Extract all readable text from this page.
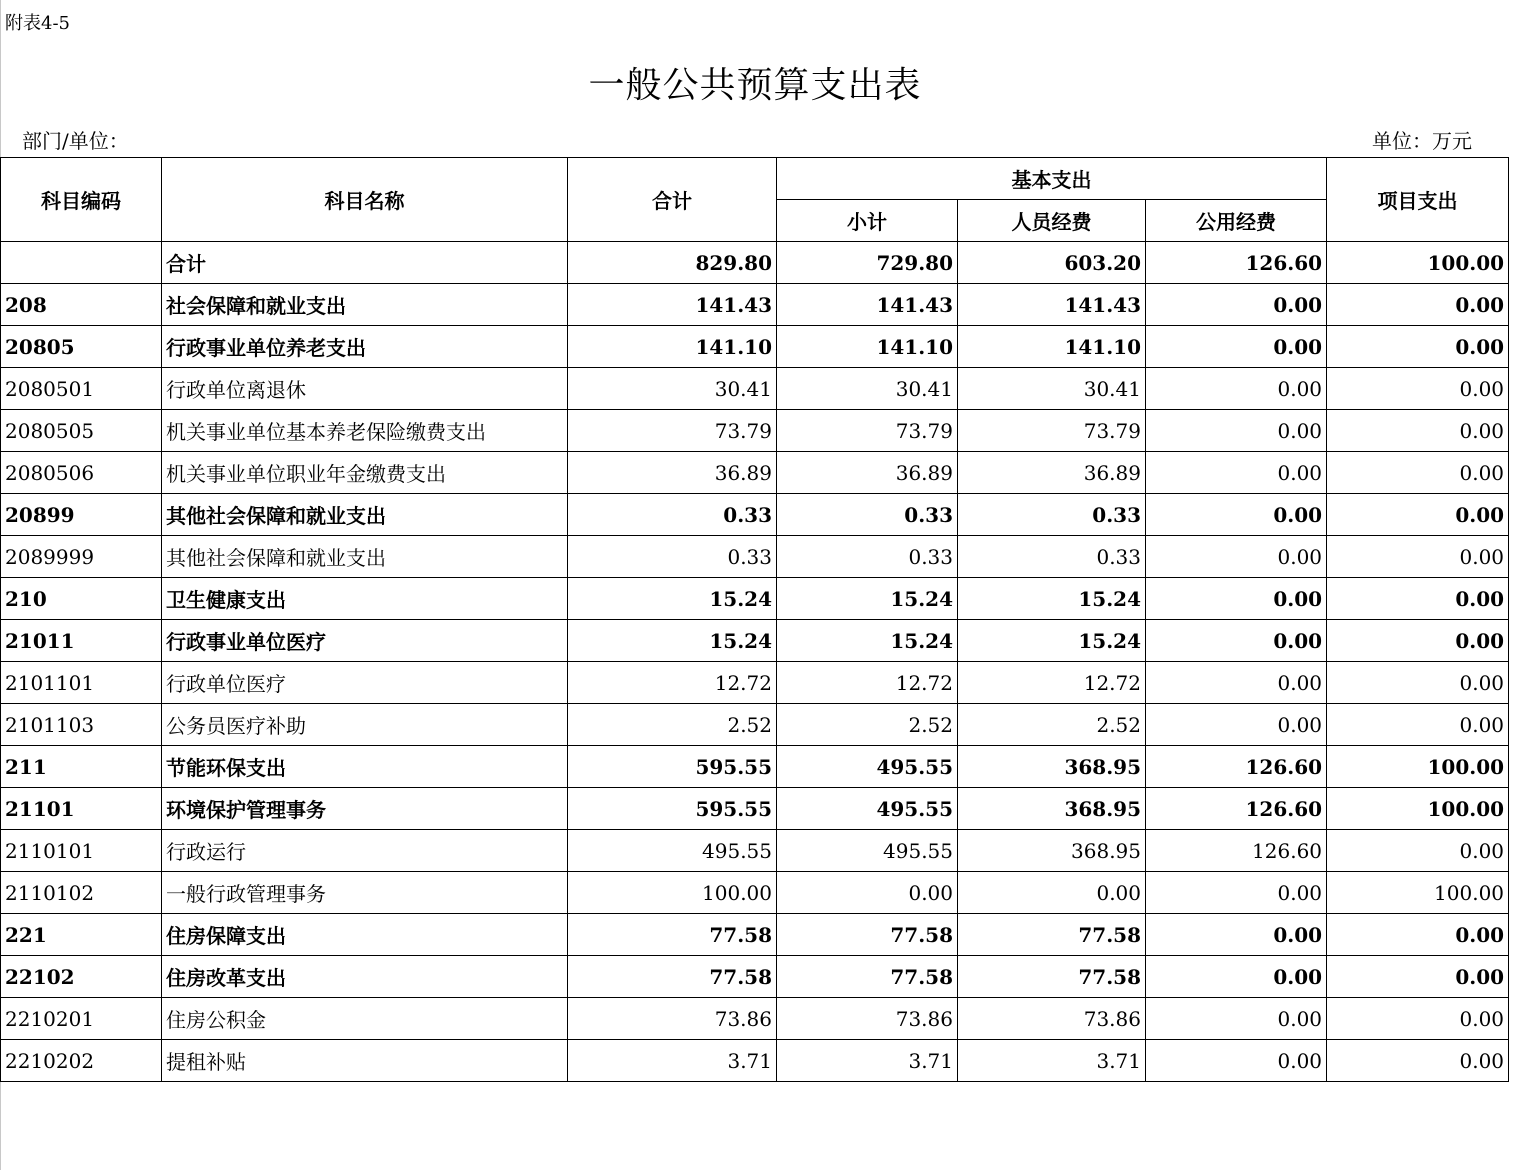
附表4-5
一般公共预算支出表
部门/单位：	单位：万元
科目编码	科目名称	合计	基本支出			项目支出
			小计	人员经费	公用经费	
	合计	829.80	729.80	603.20	126.60	100.00
208	社会保障和就业支出	141.43	141.43	141.43	0.00	0.00
20805	行政事业单位养老支出	141.10	141.10	141.10	0.00	0.00
2080501	行政单位离退休	30.41	30.41	30.41	0.00	0.00
2080505	机关事业单位基本养老保险缴费支出	73.79	73.79	73.79	0.00	0.00
2080506	机关事业单位职业年金缴费支出	36.89	36.89	36.89	0.00	0.00
20899	其他社会保障和就业支出	0.33	0.33	0.33	0.00	0.00
2089999	其他社会保障和就业支出	0.33	0.33	0.33	0.00	0.00
210	卫生健康支出	15.24	15.24	15.24	0.00	0.00
21011	行政事业单位医疗	15.24	15.24	15.24	0.00	0.00
2101101	行政单位医疗	12.72	12.72	12.72	0.00	0.00
2101103	公务员医疗补助	2.52	2.52	2.52	0.00	0.00
211	节能环保支出	595.55	495.55	368.95	126.60	100.00
21101	环境保护管理事务	595.55	495.55	368.95	126.60	100.00
2110101	行政运行	495.55	495.55	368.95	126.60	0.00
2110102	一般行政管理事务	100.00	0.00	0.00	0.00	100.00
221	住房保障支出	77.58	77.58	77.58	0.00	0.00
22102	住房改革支出	77.58	77.58	77.58	0.00	0.00
2210201	住房公积金	73.86	73.86	73.86	0.00	0.00
2210202	提租补贴	3.71	3.71	3.71	0.00	0.00
